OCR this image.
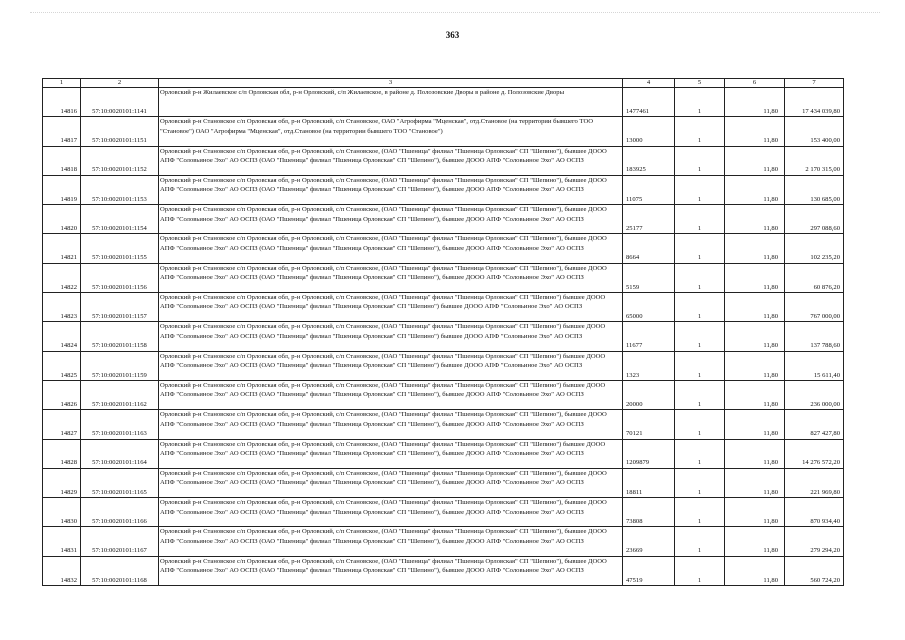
363
1	2	3	4	5	6	7
14816	57:10:0020101:1141	Орловский р-н Жилаевское с/п Орловская обл, р-н Орловский, с/п Жилаевское, в районе д. Полозовские Дворы в районе д. Полозовские Дворы	1477461	1	11,80	17 434 039,80
14817	57:10:0020101:1151	Орловский р-н Становское с/п Орловская обл, р-н Орловский, с/п Становское, ОАО "Агрофирма "Мценская", отд.Становое (на территории бывшего ТОО "Становое") ОАО "Агрофирма "Мценская", отд.Становое (на территории бывшего ТОО "Становое")	13000	1	11,80	153 400,00
14818	57:10:0020101:1152	Орловский р-н Становское с/п Орловская обл, р-н Орловский, с/п Становское, (ОАО "Пшеница" филиал "Пшеница Орловская" СП "Шепино"), бывшее ДООО АПФ "Соловьиное Эхо" АО ОСПЗ (ОАО "Пшеница" филиал "Пшеница Орловская" СП "Шепино"), бывшее ДООО АПФ "Соловьиное Эхо" АО ОСПЗ	183925	1	11,80	2 170 315,00
14819	57:10:0020101:1153	Орловский р-н Становское с/п Орловская обл, р-н Орловский, с/п Становское, (ОАО "Пшеница" филиал "Пшеница Орловская" СП "Шепино"), бывшее ДООО АПФ "Соловьиное Эхо" АО ОСПЗ (ОАО "Пшеница" филиал "Пшеница Орловская" СП "Шепино"), бывшее ДООО АПФ "Соловьиное Эхо" АО ОСПЗ	11075	1	11,80	130 685,00
14820	57:10:0020101:1154	Орловский р-н Становское с/п Орловская обл, р-н Орловский, с/п Становское, (ОАО "Пшеница" филиал "Пшеница Орловская" СП "Шепино"), бывшее ДООО АПФ "Соловьиное Эхо" АО ОСПЗ (ОАО "Пшеница" филиал "Пшеница Орловская" СП "Шепино"), бывшее ДООО АПФ "Соловьиное Эхо" АО ОСПЗ	25177	1	11,80	297 088,60
14821	57:10:0020101:1155	Орловский р-н Становское с/п Орловская обл, р-н Орловский, с/п Становское, (ОАО "Пшеница" филиал "Пшеница Орловская" СП "Шепино"), бывшее ДООО АПФ "Соловьиное Эхо" АО ОСПЗ (ОАО "Пшеница" филиал "Пшеница Орловская" СП "Шепино"), бывшее ДООО АПФ "Соловьиное Эхо" АО ОСПЗ	8664	1	11,80	102 235,20
14822	57:10:0020101:1156	Орловский р-н Становское с/п Орловская обл, р-н Орловский, с/п Становское, (ОАО "Пшеница" филиал "Пшеница Орловская" СП "Шепино"), бывшее ДООО АПФ "Соловьиное Эхо" АО ОСПЗ (ОАО "Пшеница" филиал "Пшеница Орловская" СП "Шепино"), бывшее ДООО АПФ "Соловьиное Эхо" АО ОСПЗ	5159	1	11,80	60 876,20
14823	57:10:0020101:1157	Орловский р-н Становское с/п Орловская обл, р-н Орловский, с/п Становское, (ОАО "Пшеница" филиал "Пшеница Орловская" СП "Шепино") бывшее ДООО АПФ "Соловьиное Эхо" АО ОСПЗ (ОАО "Пшеница" филиал "Пшеница Орловская" СП "Шепино") бывшее ДООО АПФ "Соловьиное Эхо" АО ОСПЗ	65000	1	11,80	767 000,00
14824	57:10:0020101:1158	Орловский р-н Становское с/п Орловская обл, р-н Орловский, с/п Становское, (ОАО "Пшеница" филиал "Пшеница Орловская" СП "Шепино") бывшее ДООО АПФ "Соловьиное Эхо" АО ОСПЗ (ОАО "Пшеница" филиал "Пшеница Орловская" СП "Шепино") бывшее ДООО АПФ "Соловьиное Эхо" АО ОСПЗ	11677	1	11,80	137 788,60
14825	57:10:0020101:1159	Орловский р-н Становское с/п Орловская обл, р-н Орловский, с/п Становское, (ОАО "Пшеница" филиал "Пшеница Орловская" СП "Шепино") бывшее ДООО АПФ "Соловьиное Эхо" АО ОСПЗ (ОАО "Пшеница" филиал "Пшеница Орловская" СП "Шепино") бывшее ДООО АПФ "Соловьиное Эхо" АО ОСПЗ	1323	1	11,80	15 611,40
14826	57:10:0020101:1162	Орловский р-н Становское с/п Орловская обл, р-н Орловский, с/п Становское, (ОАО "Пшеница" филиал "Пшеница Орловская" СП "Шепино") бывшее ДООО АПФ "Соловьиное Эхо" АО ОСПЗ (ОАО "Пшеница" филиал "Пшеница Орловская" СП "Шепино"), бывшее ДООО АПФ "Соловьиное Эхо" АО ОСПЗ	20000	1	11,80	236 000,00
14827	57:10:0020101:1163	Орловский р-н Становское с/п Орловская обл, р-н Орловский, с/п Становское, (ОАО "Пшеница" филиал "Пшеница Орловская" СП "Шепино"), бывшее ДООО АПФ "Соловьиное Эхо" АО ОСПЗ (ОАО "Пшеница" филиал "Пшеница Орловская" СП "Шепино"), бывшее ДООО АПФ "Соловьиное Эхо" АО ОСПЗ	70121	1	11,80	827 427,80
14828	57:10:0020101:1164	Орловский р-н Становское с/п Орловская обл, р-н Орловский, с/п Становское, (ОАО "Пшеница" филиал "Пшеница Орловская" СП "Шепино") бывшее ДООО АПФ "Соловьиное Эхо" АО ОСПЗ (ОАО "Пшеница" филиал "Пшеница Орловская" СП "Шепино"), бывшее ДООО АПФ "Соловьиное Эхо" АО ОСПЗ	1209879	1	11,80	14 276 572,20
14829	57:10:0020101:1165	Орловский р-н Становское с/п Орловская обл, р-н Орловский, с/п Становское, (ОАО "Пшеница" филиал "Пшеница Орловская" СП "Шепино"), бывшее ДООО АПФ "Соловьиное Эхо" АО ОСПЗ (ОАО "Пшеница" филиал "Пшеница Орловская" СП "Шепино"), бывшее ДООО АПФ "Соловьиное Эхо" АО ОСПЗ	18811	1	11,80	221 969,80
14830	57:10:0020101:1166	Орловский р-н Становское с/п Орловская обл, р-н Орловский, с/п Становское, (ОАО "Пшеница" филиал "Пшеница Орловская" СП "Шепино"), бывшее ДООО АПФ "Соловьиное Эхо" АО ОСПЗ (ОАО "Пшеница" филиал "Пшеница Орловская" СП "Шепино"), бывшее ДООО АПФ "Соловьиное Эхо" АО ОСПЗ	73808	1	11,80	870 934,40
14831	57:10:0020101:1167	Орловский р-н Становское с/п Орловская обл, р-н Орловский, с/п Становское, (ОАО "Пшеница" филиал "Пшеница Орловская" СП "Шепино"), бывшее ДООО АПФ "Соловьиное Эхо" АО ОСПЗ (ОАО "Пшеница" филиал "Пшеница Орловская" СП "Шепино"), бывшее ДООО АПФ "Соловьиное Эхо" АО ОСПЗ	23669	1	11,80	279 294,20
14832	57:10:0020101:1168	Орловский р-н Становское с/п Орловская обл, р-н Орловский, с/п Становское, (ОАО "Пшеница" филиал "Пшеница Орловская" СП "Шепино"), бывшее ДООО АПФ "Соловьиное Эхо" АО ОСПЗ (ОАО "Пшеница" филиал "Пшеница Орловская" СП "Шепино"), бывшее ДООО АПФ "Соловьиное Эхо" АО ОСПЗ	47519	1	11,80	560 724,20
